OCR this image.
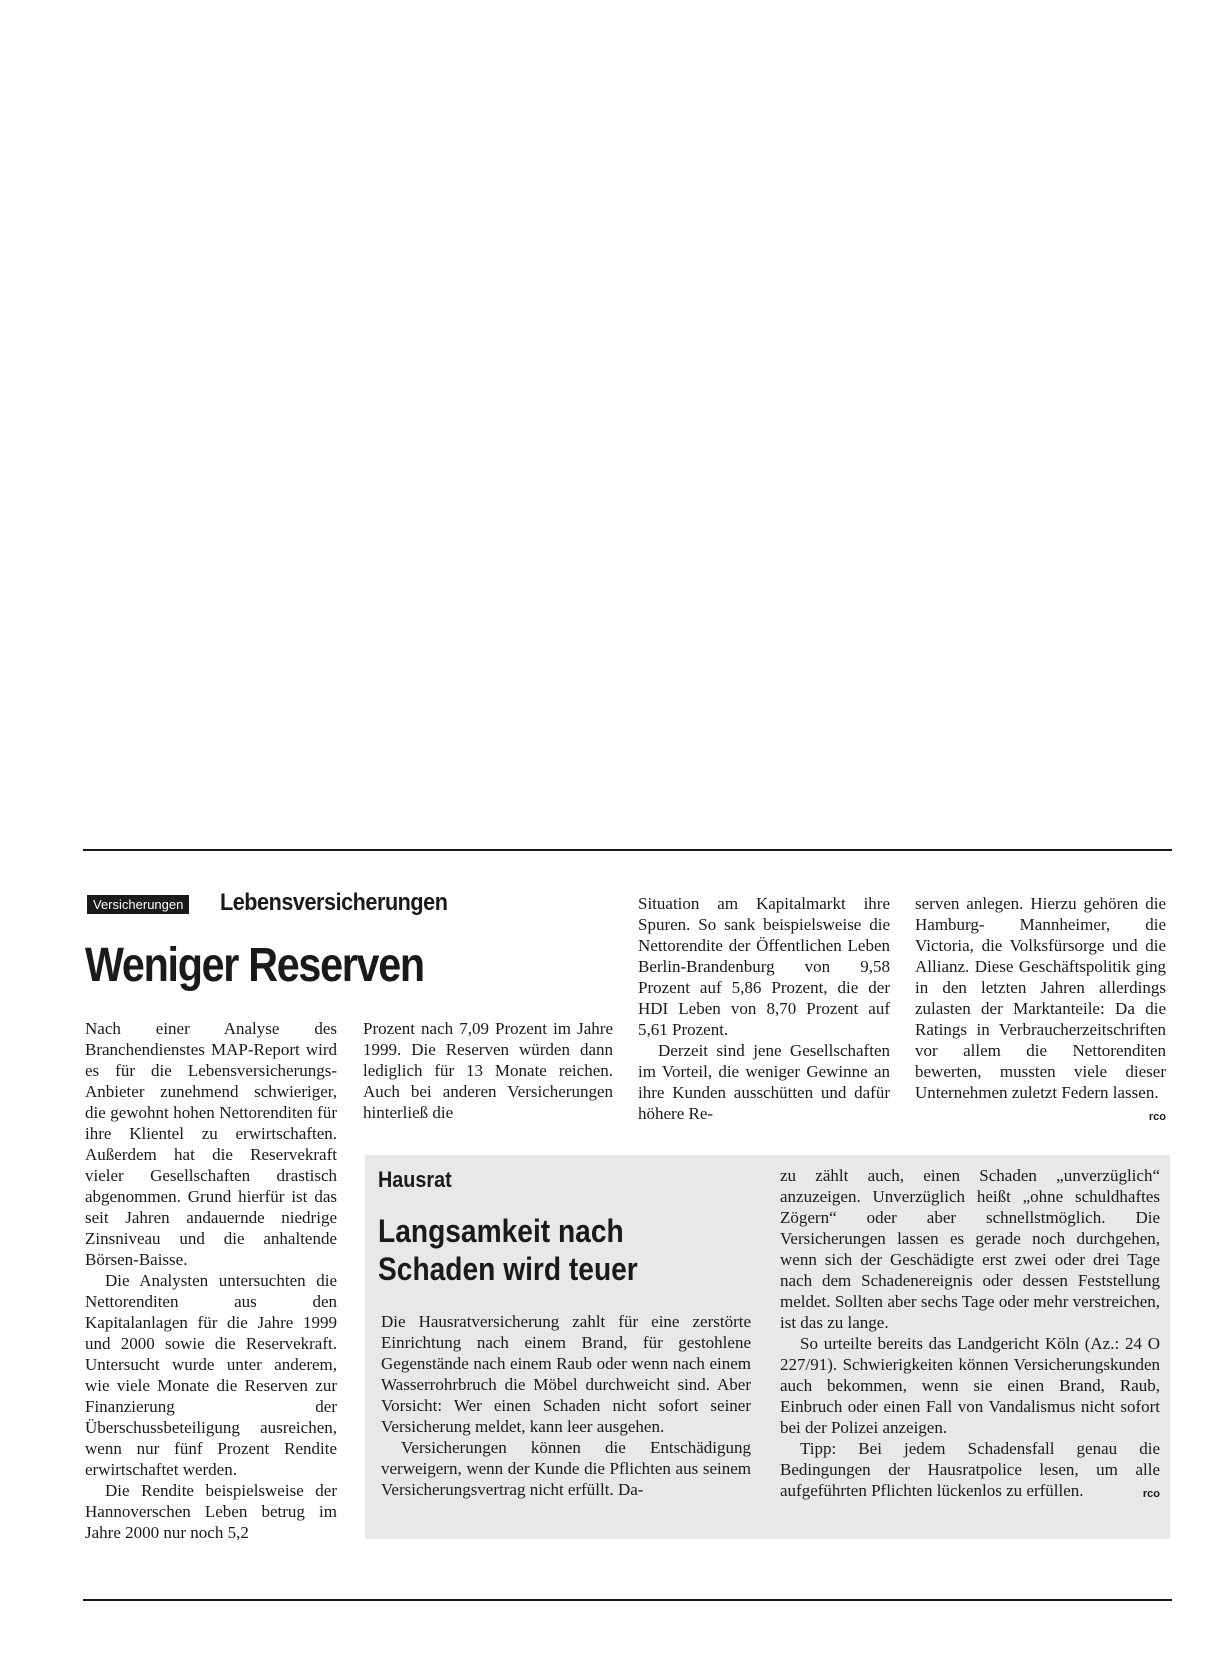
Versicherungen Lebensversicherungen
Weniger Reserven

Nach einer Analyse des Branchendienstes MAP-Report wird es für die Lebensversicherungs-Anbieter zunehmend schwieriger, die gewohnt hohen Nettorenditen für ihre Klientel zu erwirtschaften. Außerdem hat die Reservekraft vieler Gesellschaften drastisch abgenommen. Grund hierfür ist das seit Jahren andauernde niedrige Zinsniveau und die anhaltende Börsen-Baisse.

Die Analysten untersuchten die Nettorenditen aus den Kapitalanlagen für die Jahre 1999 und 2000 sowie die Reservekraft. Untersucht wurde unter anderem, wie viele Monate die Reserven zur Finanzierung der Überschussbeteiligung ausreichen, wenn nur fünf Prozent Rendite erwirtschaftet werden.

Die Rendite beispielsweise der Hannoverschen Leben betrug im Jahre 2000 nur noch 5,2

Prozent nach 7,09 Prozent im Jahre 1999. Die Reserven würden dann lediglich für 13 Monate reichen. Auch bei anderen Versicherungen hinterließ die

Situation am Kapitalmarkt ihre Spuren. So sank beispielsweise die Nettorendite der Öffentlichen Leben Berlin-Brandenburg von 9,58 Prozent auf 5,86 Prozent, die der HDI Leben von 8,70 Prozent auf 5,61 Prozent.

Derzeit sind jene Gesellschaften im Vorteil, die weniger Gewinne an ihre Kunden ausschütten und dafür höhere Re-

serven anlegen. Hierzu gehören die Hamburg- Mannheimer, die Victoria, die Volksfürsorge und die Allianz. Diese Geschäftspolitik ging in den letzten Jahren allerdings zulasten der Marktanteile: Da die Ratings in Verbraucherzeitschriften vor allem die Nettorenditen bewerten, mussten viele dieser Unternehmen zuletzt Federn lassen.
rco

Hausrat
Langsamkeit nach Schaden wird teuer

Die Hausratversicherung zahlt für eine zerstörte Einrichtung nach einem Brand, für gestohlene Gegenstände nach einem Raub oder wenn nach einem Wasserrohrbruch die Möbel durchweicht sind. Aber Vorsicht: Wer einen Schaden nicht sofort seiner Versicherung meldet, kann leer ausgehen.

Versicherungen können die Entschädigung verweigern, wenn der Kunde die Pflichten aus seinem Versicherungsvertrag nicht erfüllt. Da-

zu zählt auch, einen Schaden „unverzüglich“ anzuzeigen. Unverzüglich heißt „ohne schuldhaftes Zögern“ oder aber schnellstmöglich. Die Versicherungen lassen es gerade noch durchgehen, wenn sich der Geschädigte erst zwei oder drei Tage nach dem Schadenereignis oder dessen Feststellung meldet. Sollten aber sechs Tage oder mehr verstreichen, ist das zu lange.

So urteilte bereits das Landgericht Köln (Az.: 24 O 227/91). Schwierigkeiten können Versicherungskunden auch bekommen, wenn sie einen Brand, Raub, Einbruch oder einen Fall von Vandalismus nicht sofort bei der Polizei anzeigen.

Tipp: Bei jedem Schadensfall genau die Bedingungen der Hausratpolice lesen, um alle aufgeführten Pflichten lückenlos zu erfüllen.	rco
